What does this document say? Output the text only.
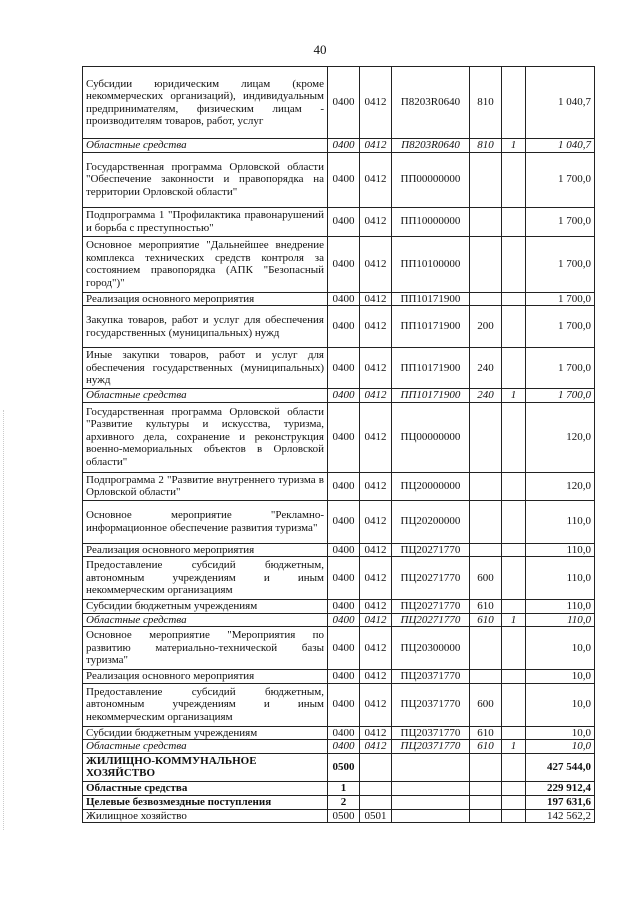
40
Субсидии юридическим лицам (кроме некоммерческих организаций), индивидуальным предпринимателям, физическим лицам - производителям товаров, работ, услуг	0400	0412	П8203R0640	810		1 040,7
Областные средства	0400	0412	П8203R0640	810	1	1 040,7
Государственная программа Орловской области "Обеспечение законности и правопорядка на территории Орловской области"	0400	0412	ПП00000000			1 700,0
Подпрограмма 1 "Профилактика правонарушений и борьба с преступностью"	0400	0412	ПП10000000			1 700,0
Основное мероприятие "Дальнейшее внедрение комплекса технических средств контроля за состоянием правопорядка (АПК "Безопасный город")"	0400	0412	ПП10100000			1 700,0
Реализация основного мероприятия	0400	0412	ПП10171900			1 700,0
Закупка товаров, работ и услуг для обеспечения государственных (муниципальных) нужд	0400	0412	ПП10171900	200		1 700,0
Иные закупки товаров, работ и услуг для обеспечения государственных (муниципальных) нужд	0400	0412	ПП10171900	240		1 700,0
Областные средства	0400	0412	ПП10171900	240	1	1 700,0
Государственная программа Орловской области "Развитие культуры и искусства, туризма, архивного дела, сохранение и реконструкция военно-мемориальных объектов в Орловской области"	0400	0412	ПЦ00000000			120,0
Подпрограмма 2 "Развитие внутреннего туризма в Орловской области"	0400	0412	ПЦ20000000			120,0
Основное мероприятие "Рекламно-информационное обеспечение развития туризма"	0400	0412	ПЦ20200000			110,0
Реализация основного мероприятия	0400	0412	ПЦ20271770			110,0
Предоставление субсидий бюджетным, автономным учреждениям и иным некоммерческим организациям	0400	0412	ПЦ20271770	600		110,0
Субсидии бюджетным учреждениям	0400	0412	ПЦ20271770	610		110,0
Областные средства	0400	0412	ПЦ20271770	610	1	110,0
Основное мероприятие "Мероприятия по развитию материально-технической базы туризма"	0400	0412	ПЦ20300000			10,0
Реализация основного мероприятия	0400	0412	ПЦ20371770			10,0
Предоставление субсидий бюджетным, автономным учреждениям и иным некоммерческим организациям	0400	0412	ПЦ20371770	600		10,0
Субсидии бюджетным учреждениям	0400	0412	ПЦ20371770	610		10,0
Областные средства	0400	0412	ПЦ20371770	610	1	10,0
ЖИЛИЩНО-КОММУНАЛЬНОЕ ХОЗЯЙСТВО	0500					427 544,0
Областные средства	1					229 912,4
Целевые безвозмездные поступления	2					197 631,6
Жилищное хозяйство	0500	0501				142 562,2
